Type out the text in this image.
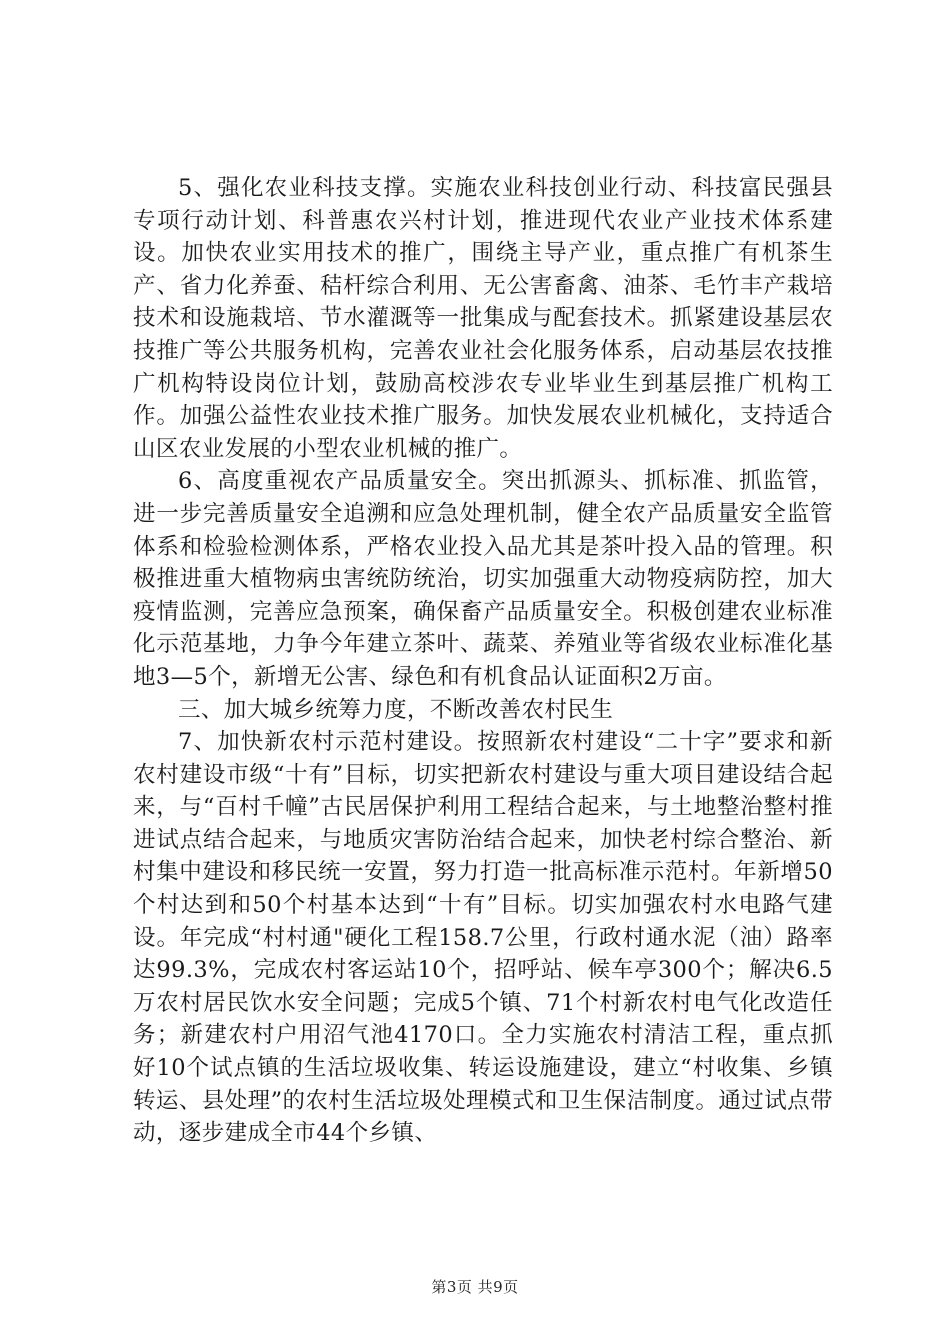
5、强化农业科技支撑。实施农业科技创业行动、科技富民强县专项行动计划、科普惠农兴村计划，推进现代农业产业技术体系建设。加快农业实用技术的推广，围绕主导产业，重点推广有机茶生产、省力化养蚕、秸杆综合利用、无公害畜禽、油茶、毛竹丰产栽培技术和设施栽培、节水灌溉等一批集成与配套技术。抓紧建设基层农技推广等公共服务机构，完善农业社会化服务体系，启动基层农技推广机构特设岗位计划，鼓励高校涉农专业毕业生到基层推广机构工作。加强公益性农业技术推广服务。加快发展农业机械化，支持适合山区农业发展的小型农业机械的推广。

6、高度重视农产品质量安全。突出抓源头、抓标准、抓监管，进一步完善质量安全追溯和应急处理机制，健全农产品质量安全监管体系和检验检测体系，严格农业投入品尤其是茶叶投入品的管理。积极推进重大植物病虫害统防统治，切实加强重大动物疫病防控，加大疫情监测，完善应急预案，确保畜产品质量安全。积极创建农业标准化示范基地，力争今年建立茶叶、蔬菜、养殖业等省级农业标准化基地3—5个，新增无公害、绿色和有机食品认证面积2万亩。

三、加大城乡统筹力度，不断改善农村民生

7、加快新农村示范村建设。按照新农村建设“二十字”要求和新农村建设市级“十有”目标，切实把新农村建设与重大项目建设结合起来，与“百村千幢”古民居保护利用工程结合起来，与土地整治整村推进试点结合起来，与地质灾害防治结合起来，加快老村综合整治、新村集中建设和移民统一安置，努力打造一批高标准示范村。年新增50个村达到和50个村基本达到“十有”目标。切实加强农村水电路气建设。年完成“村村通"硬化工程158.7公里，行政村通水泥（油）路率达99.3%，完成农村客运站10个，招呼站、候车亭300个；解决6.5万农村居民饮水安全问题；完成5个镇、71个村新农村电气化改造任务；新建农村户用沼气池4170口。全力实施农村清洁工程，重点抓好10个试点镇的生活垃圾收集、转运设施建设，建立“村收集、乡镇转运、县处理”的农村生活垃圾处理模式和卫生保洁制度。通过试点带动，逐步建成全市44个乡镇、

第3页 共9页
